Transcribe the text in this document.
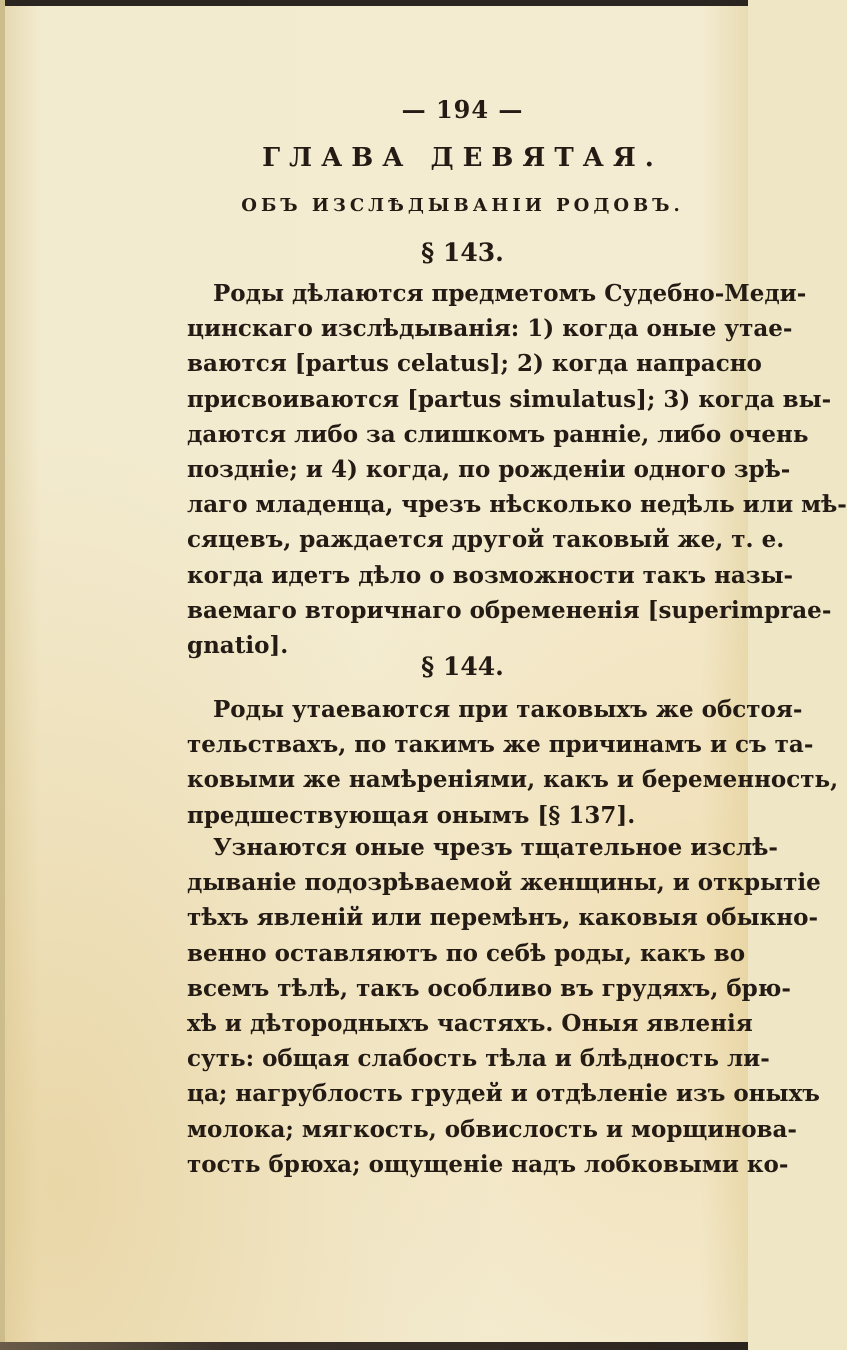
— 194 —
ГЛАВА ДЕВЯТАЯ.
ОБЪ ИЗСЛѢДЫВАНІИ РОДОВЪ.
§ 143.
Роды дѣлаются предметомъ Судебно-Меди-
цинскаго изслѣдыванія: 1) когда оные утае-
ваются [partus celatus]; 2) когда напрасно
присвоиваются [partus simulatus]; 3) когда вы-
даются либо за слишкомъ ранніе, либо очень
поздніе; и 4) когда, по рожденіи одного зрѣ-
лаго младенца, чрезъ нѣсколько недѣль или мѣ-
сяцевъ, раждается другой таковый же, т. е.
когда идетъ дѣло о возможности такъ назы-
ваемаго вторичнаго обремененія [superimprae-
gnatio].
§ 144.
Роды утаеваются при таковыхъ же обстоя-
тельствахъ, по такимъ же причинамъ и съ та-
ковыми же намѣреніями, какъ и беременность,
предшествующая онымъ [§ 137].
Узнаются оные чрезъ тщательное изслѣ-
дываніе подозрѣваемой женщины, и открытіе
тѣхъ явленій или перемѣнъ, каковыя обыкно-
венно оставляютъ по себѣ роды, какъ во
всемъ тѣлѣ, такъ особливо въ грудяхъ, брю-
хѣ и дѣтородныхъ частяхъ. Оныя явленія
суть: общая слабость тѣла и блѣдность ли-
ца; нагрублость грудей и отдѣленіе изъ оныхъ
молока; мягкость, обвислость и морщинова-
тость брюха; ощущеніе надъ лобковыми ко-
